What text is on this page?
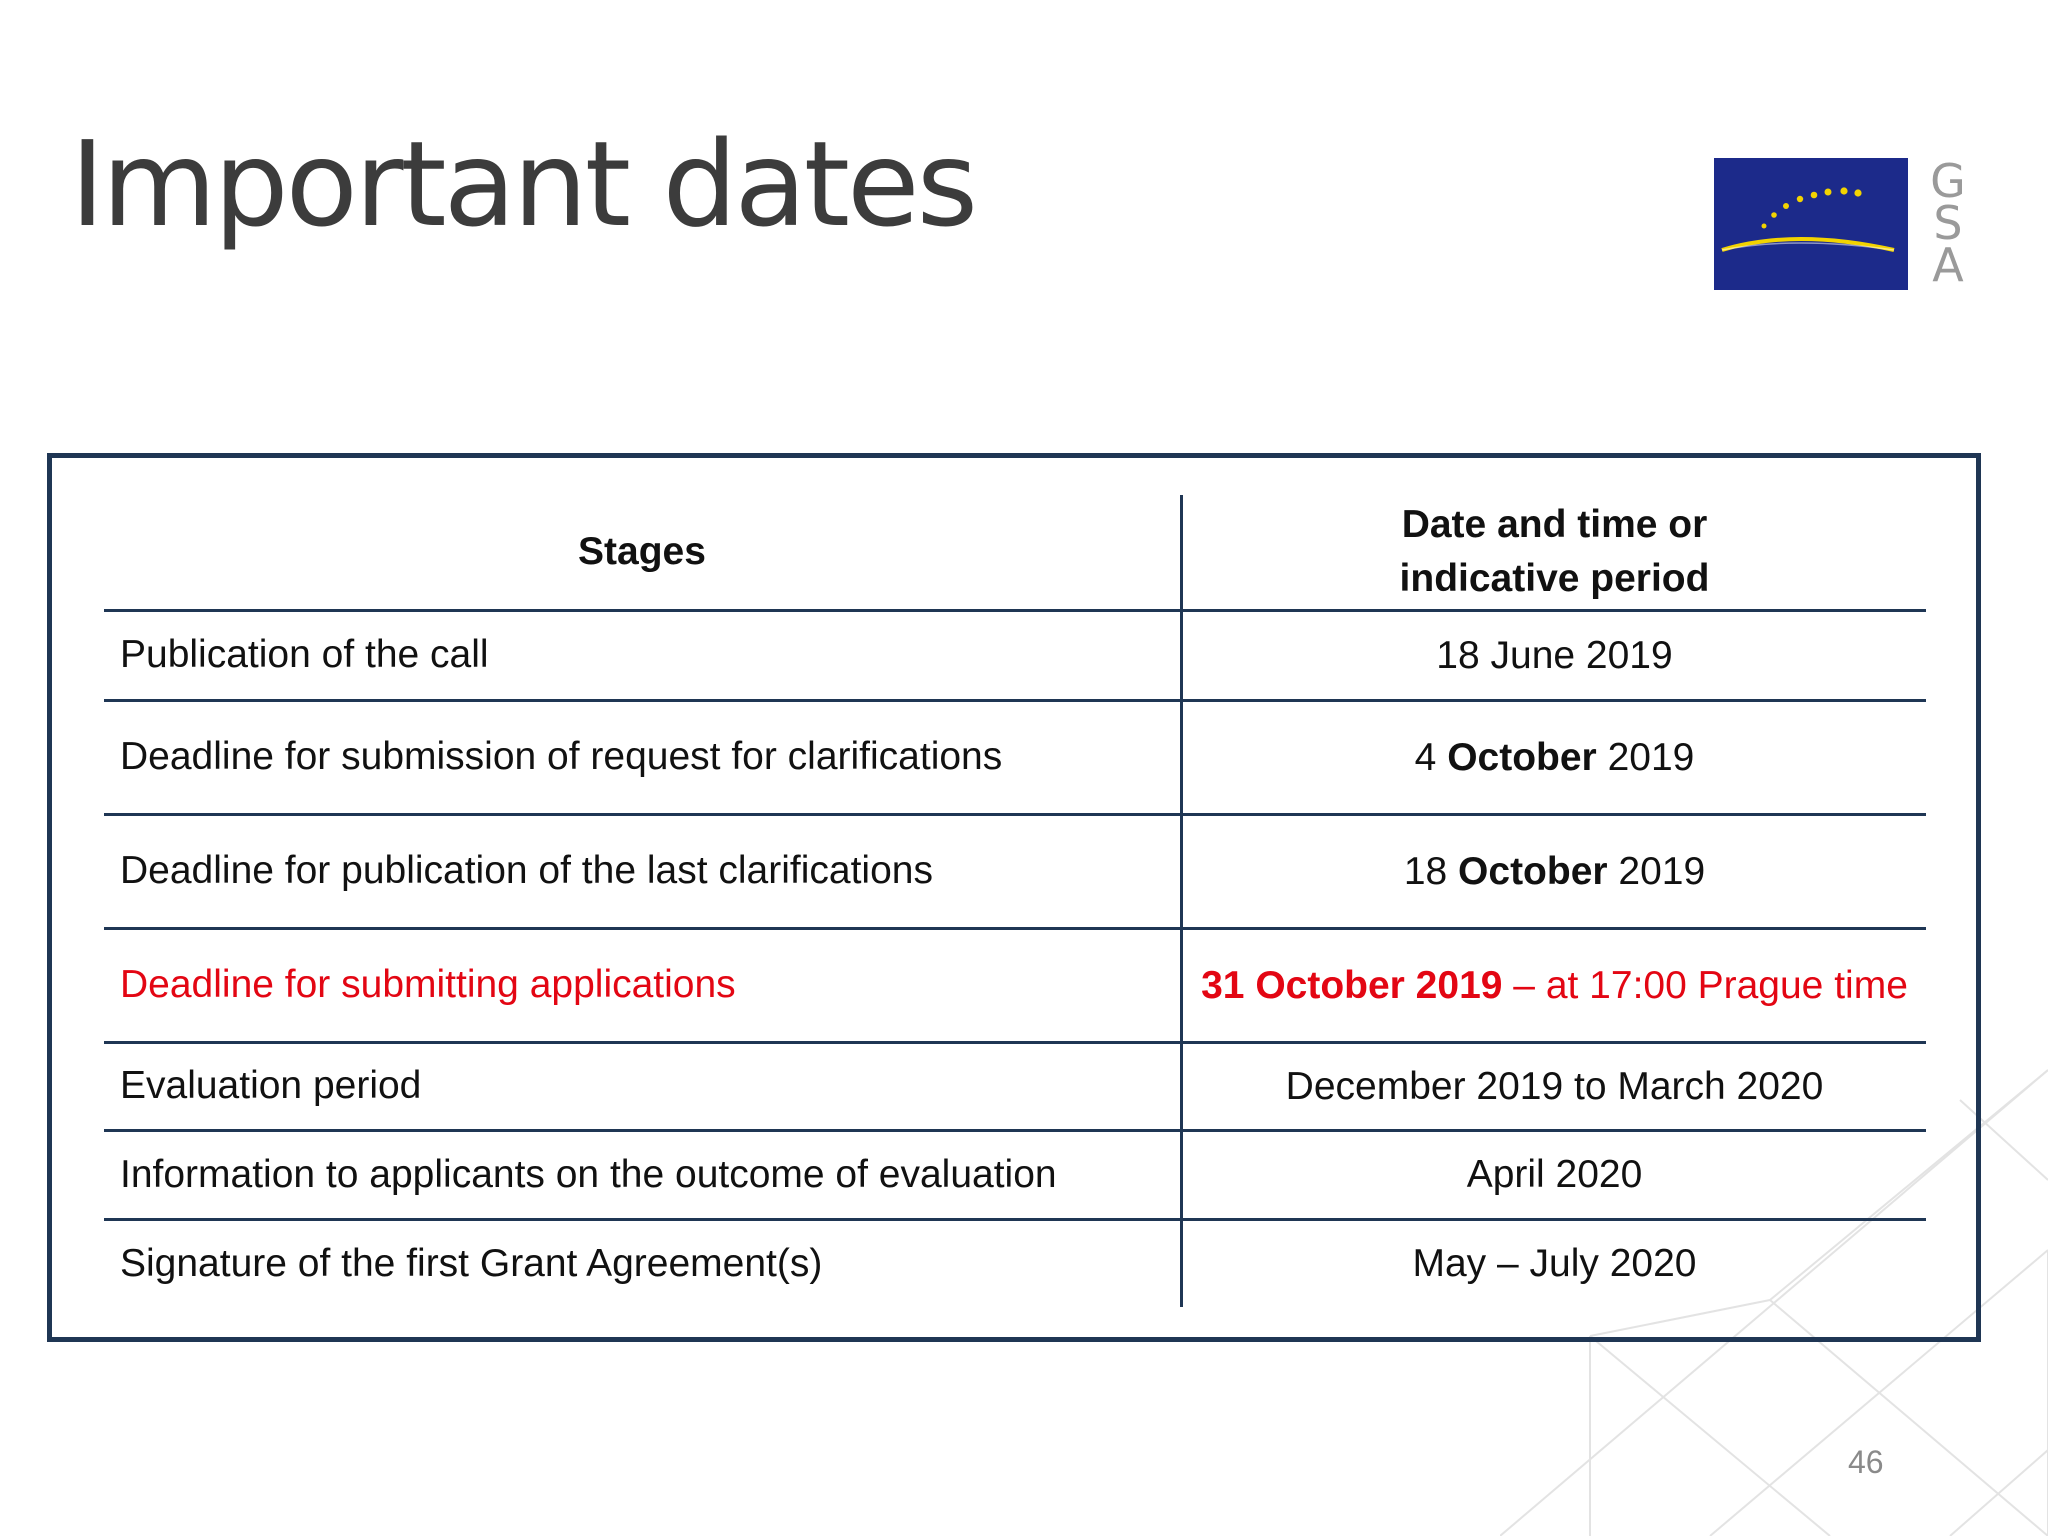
Important dates	G
S
A
Stages	Date and time or indicative period

Publication of the call	18 June 2019
Deadline for submission of request for clarifications	4 October 2019
Deadline for publication of the last clarifications	18 October 2019
Deadline for submitting applications	31 October 2019 – at 17:00 Prague time
Evaluation period	December 2019 to March 2020
Information to applicants on the outcome of evaluation	April 2020
Signature of the first Grant Agreement(s)	May – July 2020
46
